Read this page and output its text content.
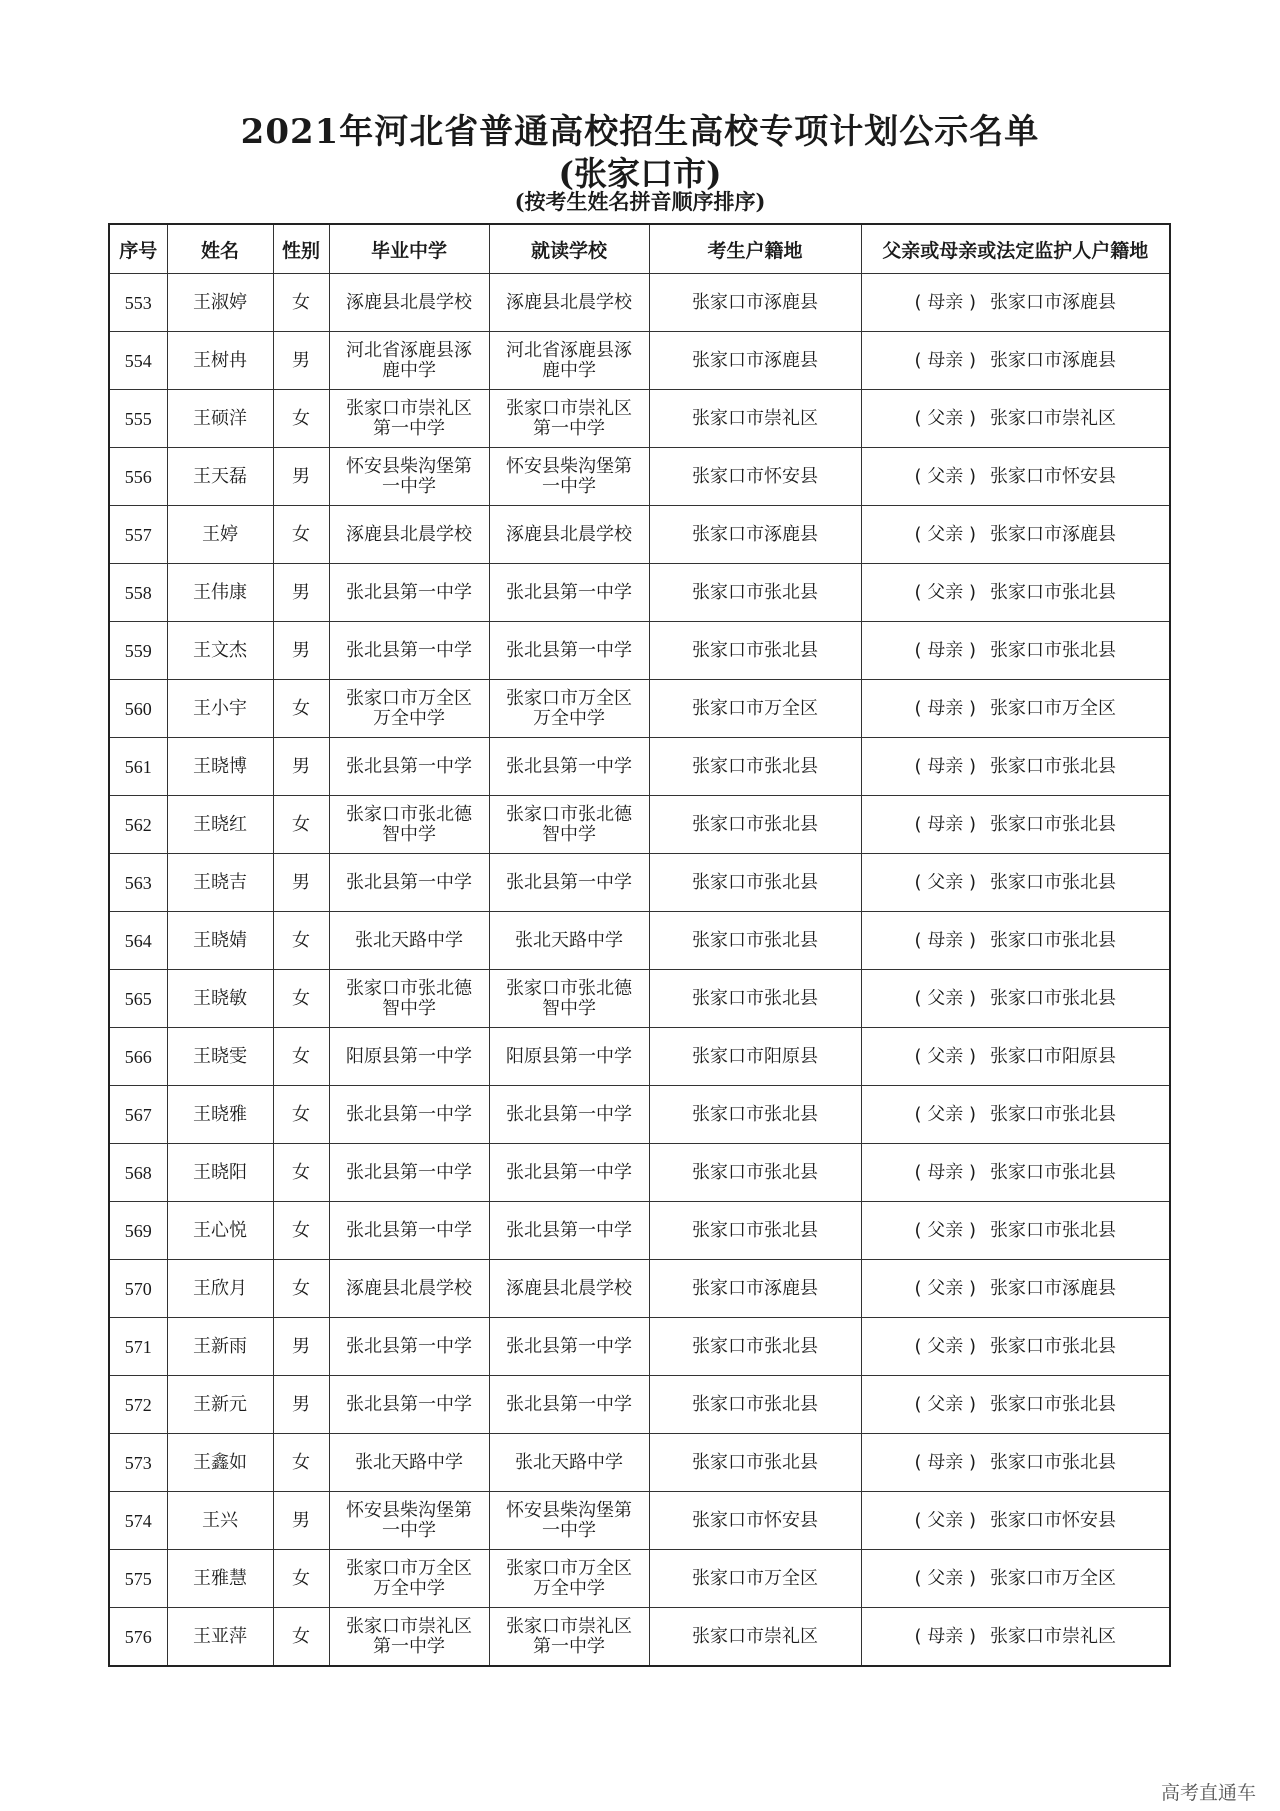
2021年河北省普通高校招生高校专项计划公示名单
(张家口市)
(按考生姓名拼音顺序排序)
序号	姓名	性别	毕业中学	就读学校	考生户籍地	父亲或母亲或法定监护人户籍地
553	王淑婷	女	涿鹿县北晨学校	涿鹿县北晨学校	张家口市涿鹿县	( 母亲 ) 张家口市涿鹿县
554	王树冉	男	河北省涿鹿县涿鹿中学	河北省涿鹿县涿鹿中学	张家口市涿鹿县	( 母亲 ) 张家口市涿鹿县
555	王硕洋	女	张家口市崇礼区第一中学	张家口市崇礼区第一中学	张家口市崇礼区	( 父亲 ) 张家口市崇礼区
556	王天磊	男	怀安县柴沟堡第一中学	怀安县柴沟堡第一中学	张家口市怀安县	( 父亲 ) 张家口市怀安县
557	王婷	女	涿鹿县北晨学校	涿鹿县北晨学校	张家口市涿鹿县	( 父亲 ) 张家口市涿鹿县
558	王伟康	男	张北县第一中学	张北县第一中学	张家口市张北县	( 父亲 ) 张家口市张北县
559	王文杰	男	张北县第一中学	张北县第一中学	张家口市张北县	( 母亲 ) 张家口市张北县
560	王小宇	女	张家口市万全区万全中学	张家口市万全区万全中学	张家口市万全区	( 母亲 ) 张家口市万全区
561	王晓博	男	张北县第一中学	张北县第一中学	张家口市张北县	( 母亲 ) 张家口市张北县
562	王晓红	女	张家口市张北德智中学	张家口市张北德智中学	张家口市张北县	( 母亲 ) 张家口市张北县
563	王晓吉	男	张北县第一中学	张北县第一中学	张家口市张北县	( 父亲 ) 张家口市张北县
564	王晓婧	女	张北天路中学	张北天路中学	张家口市张北县	( 母亲 ) 张家口市张北县
565	王晓敏	女	张家口市张北德智中学	张家口市张北德智中学	张家口市张北县	( 父亲 ) 张家口市张北县
566	王晓雯	女	阳原县第一中学	阳原县第一中学	张家口市阳原县	( 父亲 ) 张家口市阳原县
567	王晓雅	女	张北县第一中学	张北县第一中学	张家口市张北县	( 父亲 ) 张家口市张北县
568	王晓阳	女	张北县第一中学	张北县第一中学	张家口市张北县	( 母亲 ) 张家口市张北县
569	王心悦	女	张北县第一中学	张北县第一中学	张家口市张北县	( 父亲 ) 张家口市张北县
570	王欣月	女	涿鹿县北晨学校	涿鹿县北晨学校	张家口市涿鹿县	( 父亲 ) 张家口市涿鹿县
571	王新雨	男	张北县第一中学	张北县第一中学	张家口市张北县	( 父亲 ) 张家口市张北县
572	王新元	男	张北县第一中学	张北县第一中学	张家口市张北县	( 父亲 ) 张家口市张北县
573	王鑫如	女	张北天路中学	张北天路中学	张家口市张北县	( 母亲 ) 张家口市张北县
574	王兴	男	怀安县柴沟堡第一中学	怀安县柴沟堡第一中学	张家口市怀安县	( 父亲 ) 张家口市怀安县
575	王雅慧	女	张家口市万全区万全中学	张家口市万全区万全中学	张家口市万全区	( 父亲 ) 张家口市万全区
576	王亚萍	女	张家口市崇礼区第一中学	张家口市崇礼区第一中学	张家口市崇礼区	( 母亲 ) 张家口市崇礼区
高考直通车
